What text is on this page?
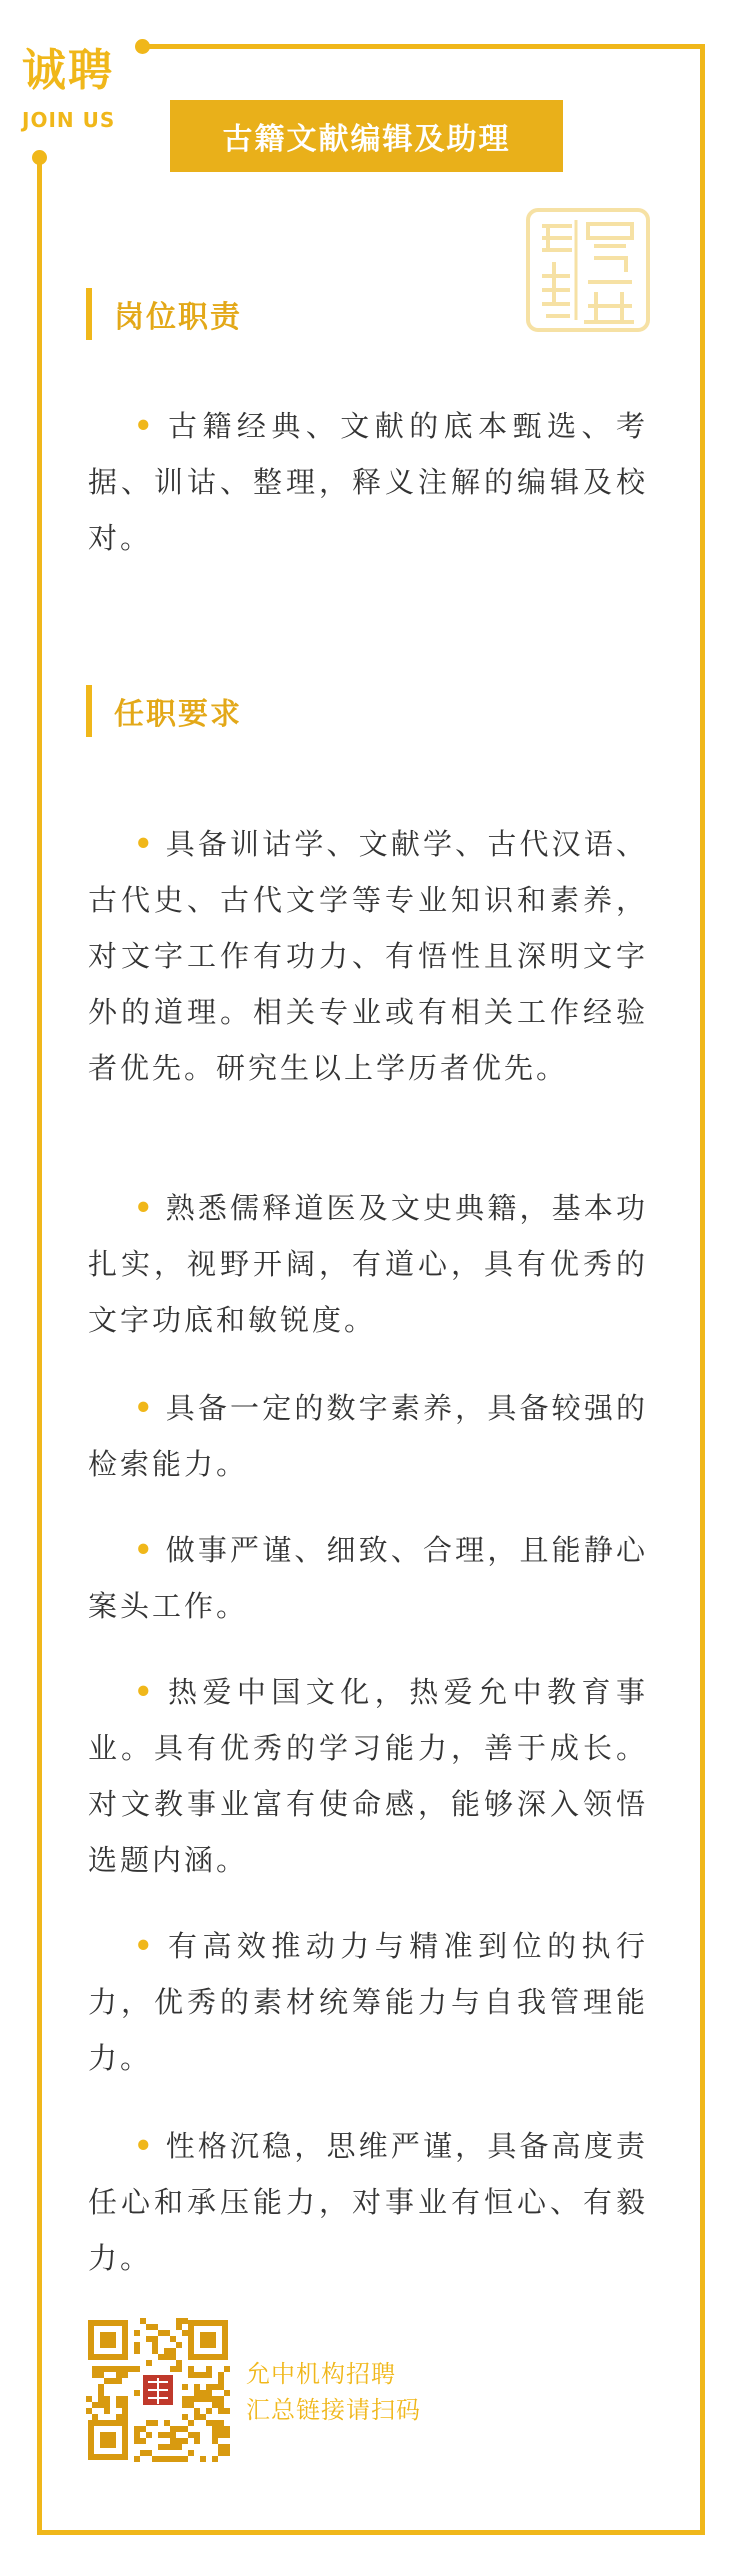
诚聘
JOIN US
古籍文献编辑及助理
岗位职责

• 古籍经典、文献的底本甄选、考据、训诂、整理，释义注解的编辑及校对。

任职要求

• 具备训诂学、文献学、古代汉语、古代史、古代文学等专业知识和素养，对文字工作有功力、有悟性且深明文字外的道理。相关专业或有相关工作经验者优先。研究生以上学历者优先。

• 熟悉儒释道医及文史典籍，基本功扎实，视野开阔，有道心，具有优秀的文字功底和敏锐度。

• 具备一定的数字素养，具备较强的检索能力。

• 做事严谨、细致、合理，且能静心案头工作。

• 热爱中国文化，热爱允中教育事业。具有优秀的学习能力，善于成长。对文教事业富有使命感，能够深入领悟选题内涵。

• 有高效推动力与精准到位的执行力，优秀的素材统筹能力与自我管理能力。

• 性格沉稳，思维严谨，具备高度责任心和承压能力，对事业有恒心、有毅力。

允中机构招聘
汇总链接请扫码
